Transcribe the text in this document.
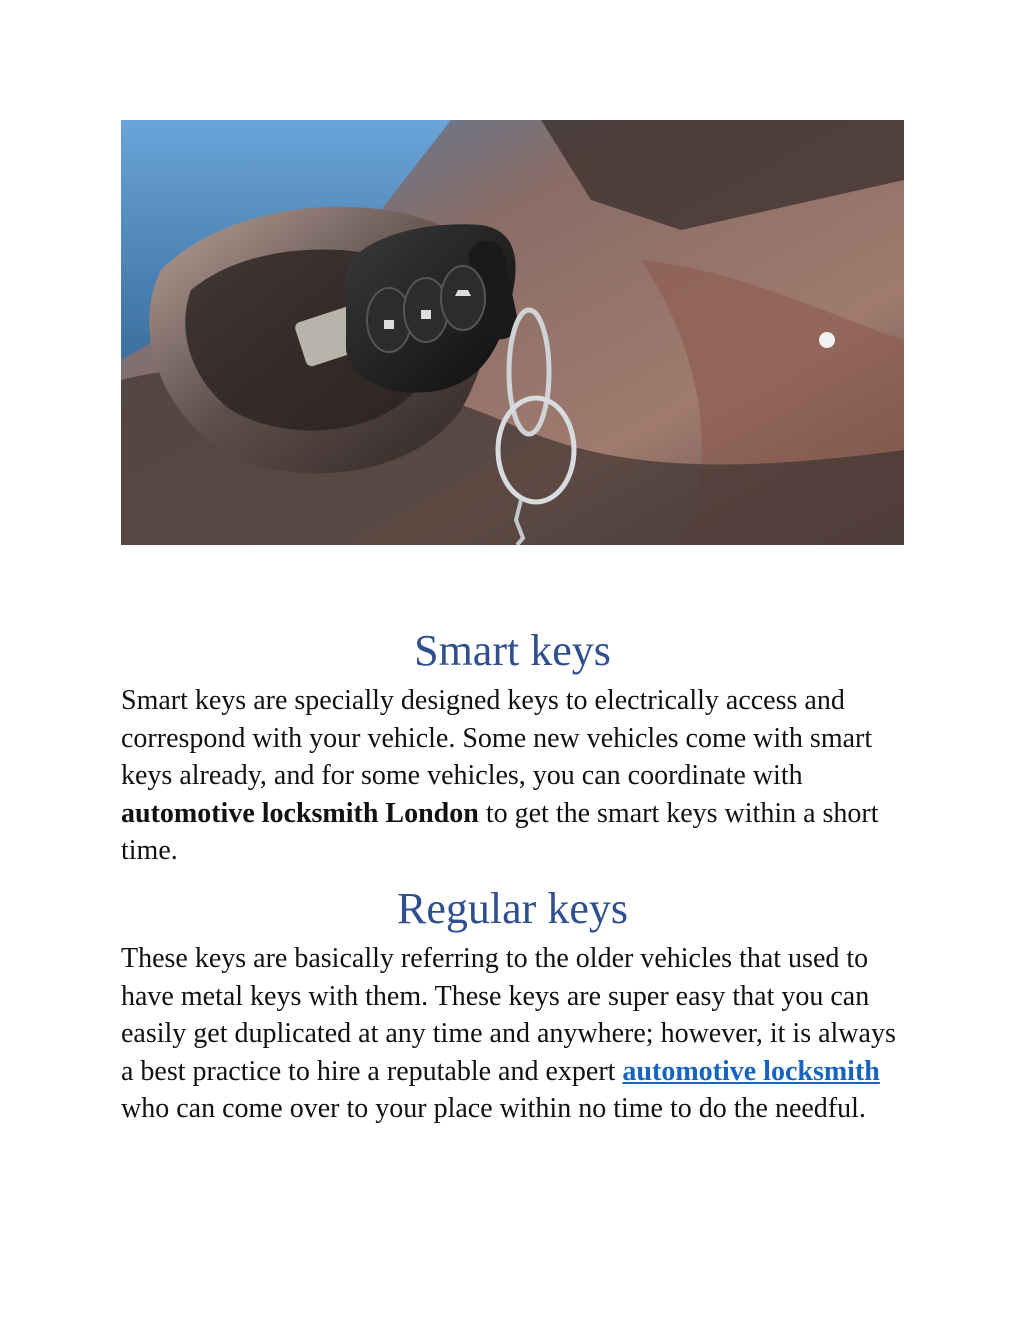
Smart keys

Smart keys are specially designed keys to electrically access and correspond with your vehicle. Some new vehicles come with smart keys already, and for some vehicles, you can coordinate with automotive locksmith London to get the smart keys within a short time.

Regular keys

These keys are basically referring to the older vehicles that used to have metal keys with them. These keys are super easy that you can easily get duplicated at any time and anywhere; however, it is always a best practice to hire a reputable and expert automotive locksmith who can come over to your place within no time to do the needful.
